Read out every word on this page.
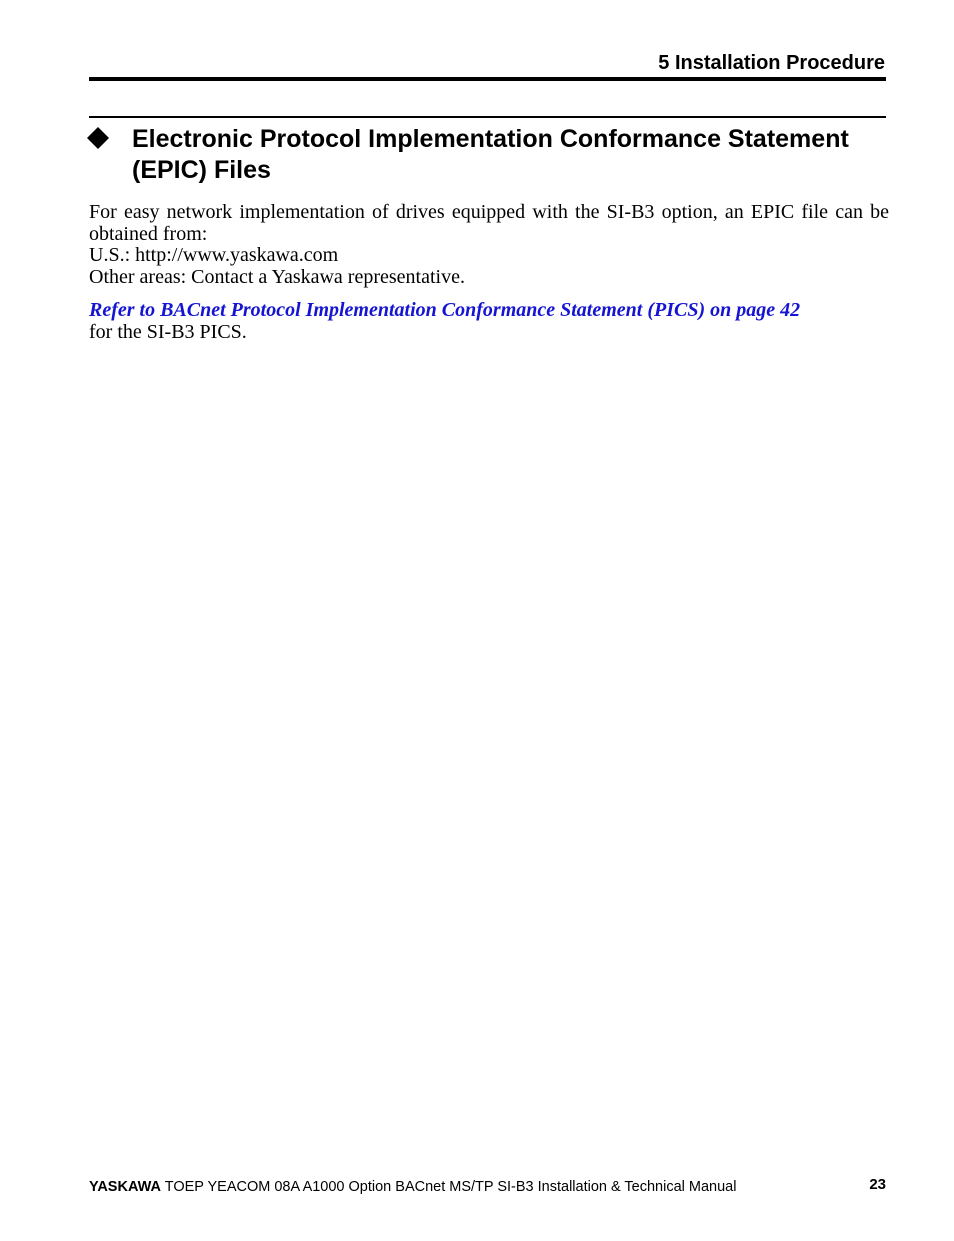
5 Installation Procedure
Electronic Protocol Implementation Conformance Statement (EPIC) Files

For easy network implementation of drives equipped with the SI-B3 option, an EPIC file can be obtained from:

U.S.: http://www.yaskawa.com

Other areas: Contact a Yaskawa representative.

Refer to BACnet Protocol Implementation Conformance Statement (PICS) on page 42
for the SI-B3 PICS.
YASKAWA TOEP YEACOM 08A A1000 Option BACnet MS/TP SI-B3 Installation & Technical Manual	23
